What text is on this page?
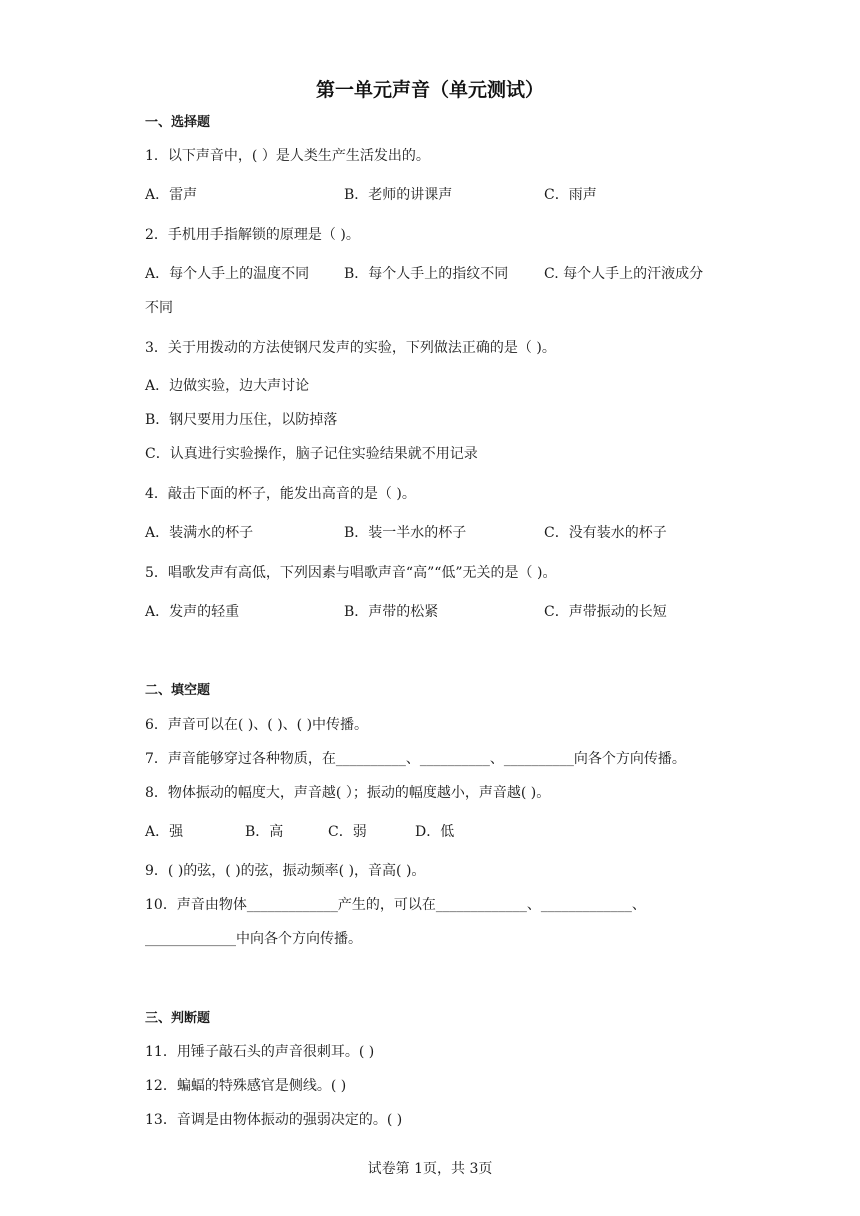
第一单元声音（单元测试）
一、选择题
1．以下声音中，( ）是人类生产生活发出的。
A．雷声	B．老师的讲课声	C．雨声
2．手机用手指解锁的原理是（ )。
A．每个人手上的温度不同 B．每个人手上的指纹不同	C. 每个人手上的汗液成分
不同
3．关于用拨动的方法使钢尺发声的实验，下列做法正确的是（ )。
A．边做实验，边大声讨论
B．钢尺要用力压住，以防掉落
C．认真进行实验操作，脑子记住实验结果就不用记录
4．敲击下面的杯子，能发出高音的是（ )。
A．装满水的杯子	B．装一半水的杯子	C．没有装水的杯子
5．唱歌发声有高低，下列因素与唱歌声音“高”“低”无关的是（ )。
A．发声的轻重	B．声带的松紧	C．声带振动的长短
二、填空题
6．声音可以在( )、( )、( )中传播。
7．声音能够穿过各种物质，在__________、__________、__________向各个方向传播。
8．物体振动的幅度大，声音越( ）；振动的幅度越小，声音越( )。
A．强	B．高	C．弱	D．低
9．( )的弦，( )的弦，振动频率( )，音高( )。
10．声音由物体_____________产生的，可以在_____________、_____________、
_____________中向各个方向传播。
三、判断题
11．用锤子敲石头的声音很刺耳。( )
12．蝙蝠的特殊感官是侧线。( )
13．音调是由物体振动的强弱决定的。( )
试卷第 1页，共 3页
